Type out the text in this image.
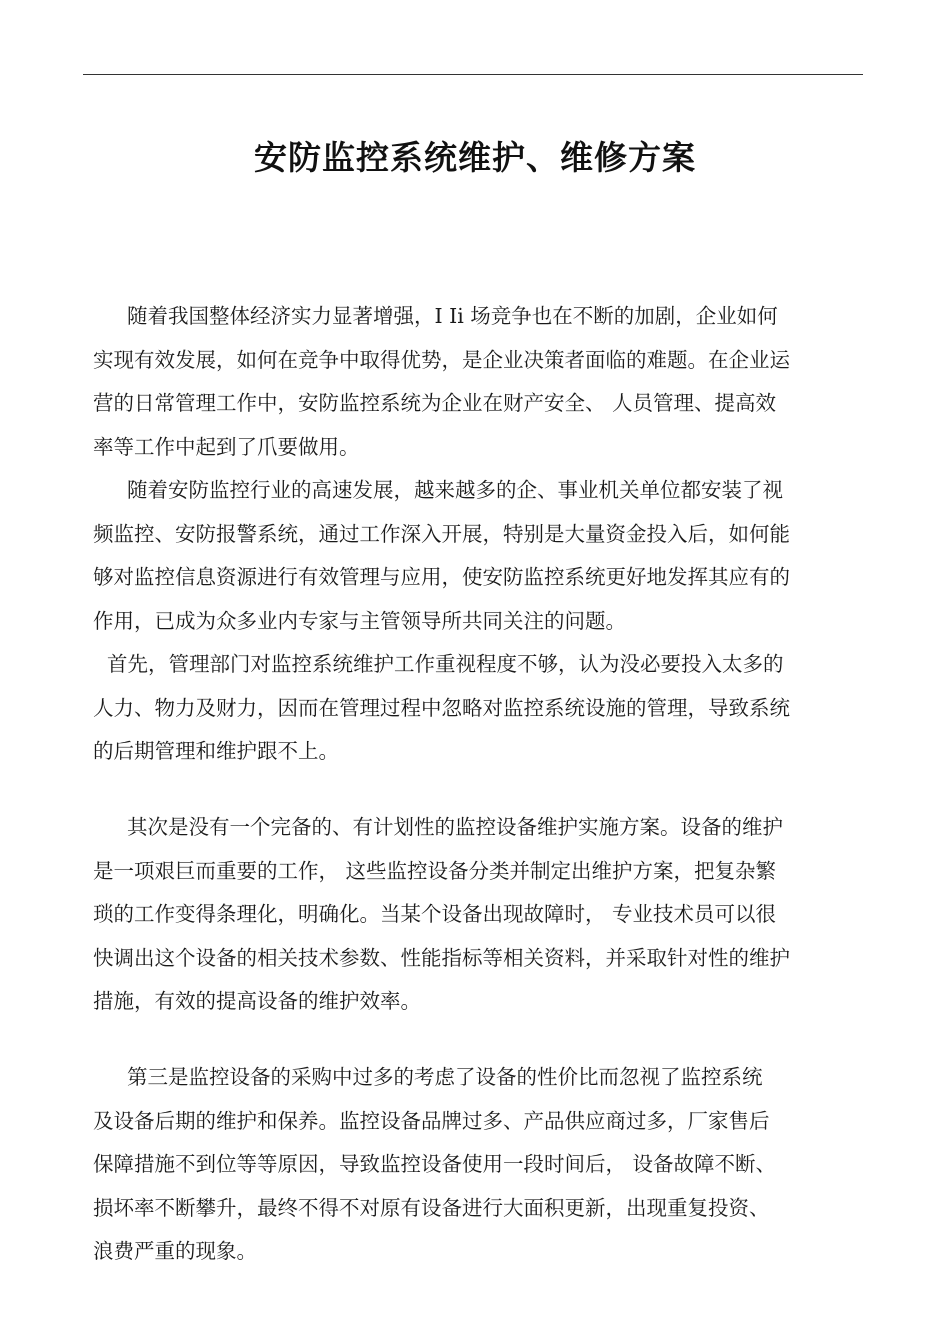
安防监控系统维护、维修方案
随着我国整体经济实力显著增强，I Ii 场竞争也在不断的加剧，企业如何
实现有效发展，如何在竞争中取得优势，是企业决策者面临的难题。在企业运
营的日常管理工作中，安防监控系统为企业在财产安全、 人员管理、提高效
率等工作中起到了爪要做用。
随着安防监控行业的高速发展，越来越多的企、事业机关单位都安装了视
频监控、安防报警系统，通过工作深入开展，特别是大量资金投入后，如何能
够对监控信息资源进行有效管理与应用，使安防监控系统更好地发挥其应有的
作用，已成为众多业内专家与主管领导所共同关注的问题。
首先，管理部门对监控系统维护工作重视程度不够，认为没必要投入太多的
人力、物力及财力，因而在管理过程中忽略对监控系统设施的管理，导致系统
的后期管理和维护跟不上。
其次是没有一个完备的、有计划性的监控设备维护实施方案。设备的维护
是一项艰巨而重要的工作， 这些监控设备分类并制定出维护方案，把复杂繁
琐的工作变得条理化，明确化。当某个设备出现故障时， 专业技术员可以很
快调出这个设备的相关技术参数、性能指标等相关资料，并采取针对性的维护
措施，有效的提高设备的维护效率。
第三是监控设备的采购中过多的考虑了设备的性价比而忽视了监控系统
及设备后期的维护和保养。监控设备品牌过多、产品供应商过多，厂家售后
保障措施不到位等等原因，导致监控设备使用一段时间后， 设备故障不断、
损坏率不断攀升，最终不得不对原有设备进行大面积更新，出现重复投资、
浪费严重的现象。
